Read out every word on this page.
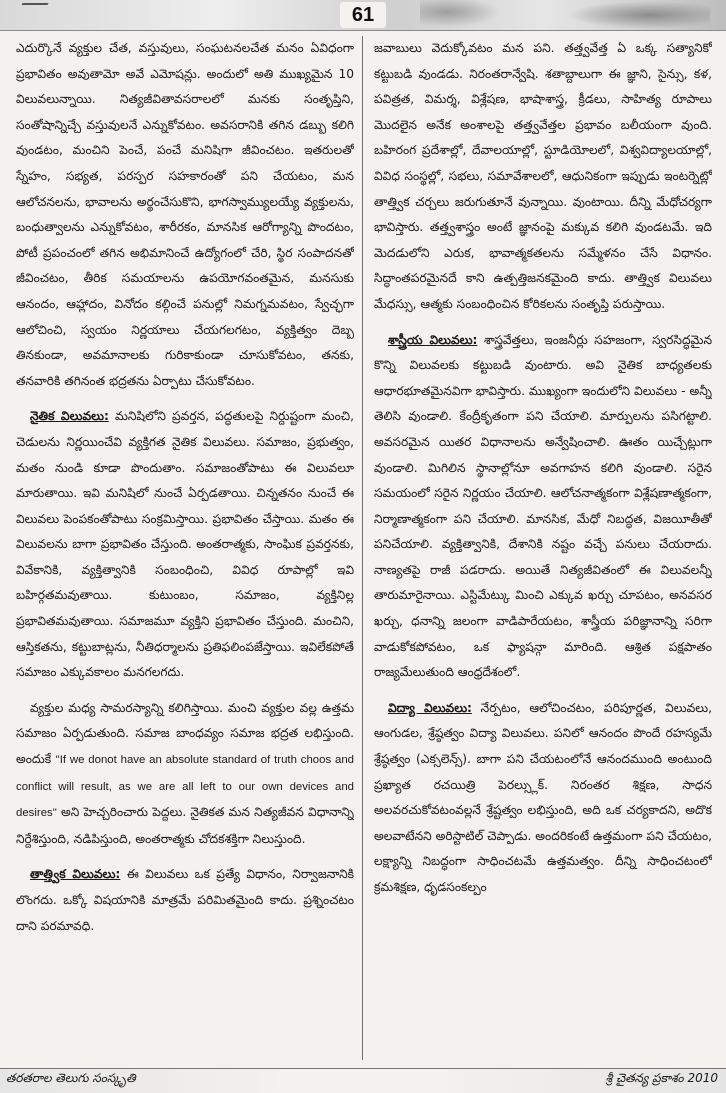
61

ఎదుర్కొనే వ్యక్తుల చేత, వస్తువులు, సంఘటనలచేత మనం ఏవిధంగా ప్రభావితం అవుతామో అవే ఎమోషన్లు. అందులో అతి ముఖ్యమైన 10 విలువలున్నాయి. నిత్యజీవితావసరాలలో మనకు సంతృప్తిని, సంతోషాన్నిచ్చే వస్తువులనే ఎన్నుకోవటం. అవసరానికి తగిన డబ్బు కలిగి వుండటం, మంచిని పెంచే, పంచే మనిషిగా జీవించటం. ఇతరులతో స్నేహం, సభ్యత, పరస్పర సహకారంతో పని చేయటం, మన ఆలోచనలను, భావాలను అర్థంచేసుకొని, భాగస్వామ్యులయ్యే వ్యక్తులను, బంధుత్వాలను ఎన్నుకోవటం, శారీరకం, మానసిక ఆరోగ్యాన్ని పొందటం, పోటీ ప్రపంచంలో తగిన అభిమానించే ఉద్యోగంలో చేరి, స్థిర సంపాదనతో జీవించటం, తీరిక సమయాలను ఉపయోగవంతమైన, మనసుకు ఆనందం, ఆహ్లాదం, వినోదం కల్గించే పనుల్లో నిమగ్నమవటం, స్వేచ్ఛగా ఆలోచించి, స్వయం నిర్ణయాలు చేయగలగటం, వ్యక్తిత్వం దెబ్బ తినకుండా, అవమానాలకు గురికాకుండా చూసుకోవటం, తనకు, తనవారికి తగినంత భద్రతను ఏర్పాటు చేసుకోవటం.

నైతిక విలువలు: మనిషిలోని ప్రవర్తన, పద్ధతులపై నిర్దుష్టంగా మంచి, చెడులను నిర్ణయించేవి వ్యక్తిగత నైతిక విలువలు. సమాజం, ప్రభుత్వం, మతం నుండి కూడా పొందుతాం. సమాజంతోపాటు ఈ విలువలూ మారుతాయి. ఇవి మనిషిలో నుంచే ఏర్పడతాయి. చిన్నతనం నుంచే ఈ విలువలు పెంపకంతోపాటు సంక్రమిస్తాయి. ప్రభావితం చేస్తాయి. మతం ఈ విలువలను బాగా ప్రభావితం చేస్తుంది. అంతరాత్మకు, సాంఘిక ప్రవర్తనకు, వివేకానికి, వ్యక్తిత్వానికి సంబంధించి, వివిధ రూపాల్లో ఇవి బహిర్గతమవుతాయి. కుటుంబం, సమాజం, వ్యక్తినిల్ల ప్రభావితమవుతాయి. సమాజమూ వ్యక్తిని ప్రభావితం చేస్తుంది. మంచిని, ఆస్తికతను, కట్టుబాట్లను, నీతిధర్మాలను ప్రతిఫలింపజేస్తాయి. ఇవిలేకపోతే సమాజం ఎక్కువకాలం మనగలగదు.

వ్యక్తుల మధ్య సామరస్యాన్ని కలిగిస్తాయి. మంచి వ్యక్తుల వల్ల ఉత్తమ సమాజం ఏర్పడుతుంది. సమాజ బాంధవ్యం సమాజ భద్రత లభిస్తుంది. అందుకే "If we donot have an absolute standard of truth choos and conflict will result, as we are all left to our own devices and desires" అని హెచ్చరించారు పెద్దలు. నైతికత మన నిత్యజీవన విధానాన్ని నిర్దేశిస్తుంది, నడిపిస్తుంది, అంతరాత్మకు చోదకశక్తిగా నిలుస్తుంది.

తాత్త్విక విలువలు: ఈ విలువలు ఒక ప్రత్యే విధానం, నిర్వాజనానికి లొంగదు. ఒక్కో విషయానికి మాత్రమే పరిమితమైంది కాదు. ప్రశ్నించటం దాని పరమావధి.

జవాబులు వెదుక్కోవటం మన పని. తత్త్వవేత్త ఏ ఒక్క సత్యానికో కట్టుబడి వుండడు. నిరంతరాన్వేషి. శతాబ్దాలుగా ఈ జ్ఞాని, సైన్సు, కళ, పవిత్రత, విమర్శ, విశ్లేషణ, భాషాశాస్త్ర, క్రీడలు, సాహిత్య రూపాలు మొదలైన అనేక అంశాలపై తత్త్వవేత్తల ప్రభావం బలీయంగా వుంది. బహిరంగ ప్రదేశాల్లో, దేవాలయాల్లో, స్టూడియోలలో, విశ్వవిద్యాలయాల్లో, వివిధ సంస్థల్లో, సభలు, సమావేశాలలో, ఆధునికంగా ఇప్పుడు ఇంటర్నెట్లో తాత్త్విక చర్చలు జరుగుతూనే వున్నాయి. వుంటాయి. దీన్ని మేధోచర్యగా భావిస్తారు. తత్త్వశాస్త్రం అంటే జ్ఞానంపై మక్కువ కలిగి వుండటమే. ఇది మెదడులోని ఎరుక, భావాత్మకతలను సమ్మేళనం చేసే విధానం. సిద్ధాంతపరమైనదే కాని ఉత్పత్తిజనకమైంది కాదు. తాత్త్విక విలువలు మేధస్సు, ఆత్మకు సంబంధించిన కోరికలను సంతృప్తి పరుస్తాయి.

శాస్త్రీయ విలువలు: శాస్త్రవేత్తలు, ఇంజనీర్లు సహజంగా, స్వరసిద్ధమైన కొన్ని విలువలకు కట్టుబడి వుంటారు. అవి నైతిక బాధ్యతలకు ఆధారభూతమైనవిగా భావిస్తారు. ముఖ్యంగా ఇందులోని విలువలు - అన్నీ తెలిసి వుండాలి. కేంద్రీకృతంగా పని చేయాలి. మార్పులను పసిగట్టాలి. అవసరమైన యితర విధానాలను అన్వేషించాలి. ఊతం యిచ్చేట్లుగా వుండాలి. మిగిలిన స్థానాల్లోనూ అవగాహన కలిగి వుండాలి. సరైన సమయంలో సరైన నిర్ణయం చేయాలి. ఆలోచనాత్మకంగా విశ్లేషణాత్మకంగా, నిర్మాణాత్మకంగా పని చేయాలి. మానసిక, మేధో నిబద్ధత, విజయీతీతో పనిచేయాలి. వ్యక్తిత్వానికి, దేశానికి నష్టం వచ్చే పనులు చేయరాదు. నాణ్యతపై రాజీ పడరాదు. అయితే నిత్యజీవితంలో ఈ విలువలన్నీ తారుమారైనాయి. ఎస్టిమేట్కు మించి ఎక్కువ ఖర్చు చూపటం, అనవసర ఖర్చు, ధనాన్ని జలంగా వాడిపారేయటం, శాస్త్రీయ పరిజ్ఞానాన్ని సరిగా వాడుకోకపోవటం, ఒక ఫ్యాషన్గా మారింది. ఆశ్రిత పక్షపాతం రాజ్యమేలుతుంది ఆంధ్రదేశంలో.

విద్యా విలువలు: నేర్పటం, ఆలోచించటం, పరిపూర్ణత, విలువలు, ఆంగుడల, శ్రేష్ఠత్వం విద్యా విలువలు. పనిలో ఆనందం పొందే రహస్యమే శ్రేష్ఠత్వం (ఎక్సలెన్స్). బాగా పని చేయటంలోనే ఆనందముంది అంటుంది ప్రఖ్యాత రచయిత్రి పెరల్స్లుక్. నిరంతర శిక్షణ, సాధన అలవరచుకోవటంవల్లనే శ్రేష్టత్వం లభిస్తుంది, అది ఒక చర్యకాదని, అదొక అలవాటేనని అరిస్టాటిల్ చెప్పాడు. అందరికంటే ఉత్తమంగా పని చేయటం, లక్ష్యాన్ని నిబద్ధంగా సాధించటమే ఉత్తమత్వం. దీన్ని సాధించటంలో క్రమశిక్షణ, ధృడసంకల్పం

తరతరాల తెలుగు సంస్కృతి	శ్రీ చైతన్య ప్రకాశం 2010
